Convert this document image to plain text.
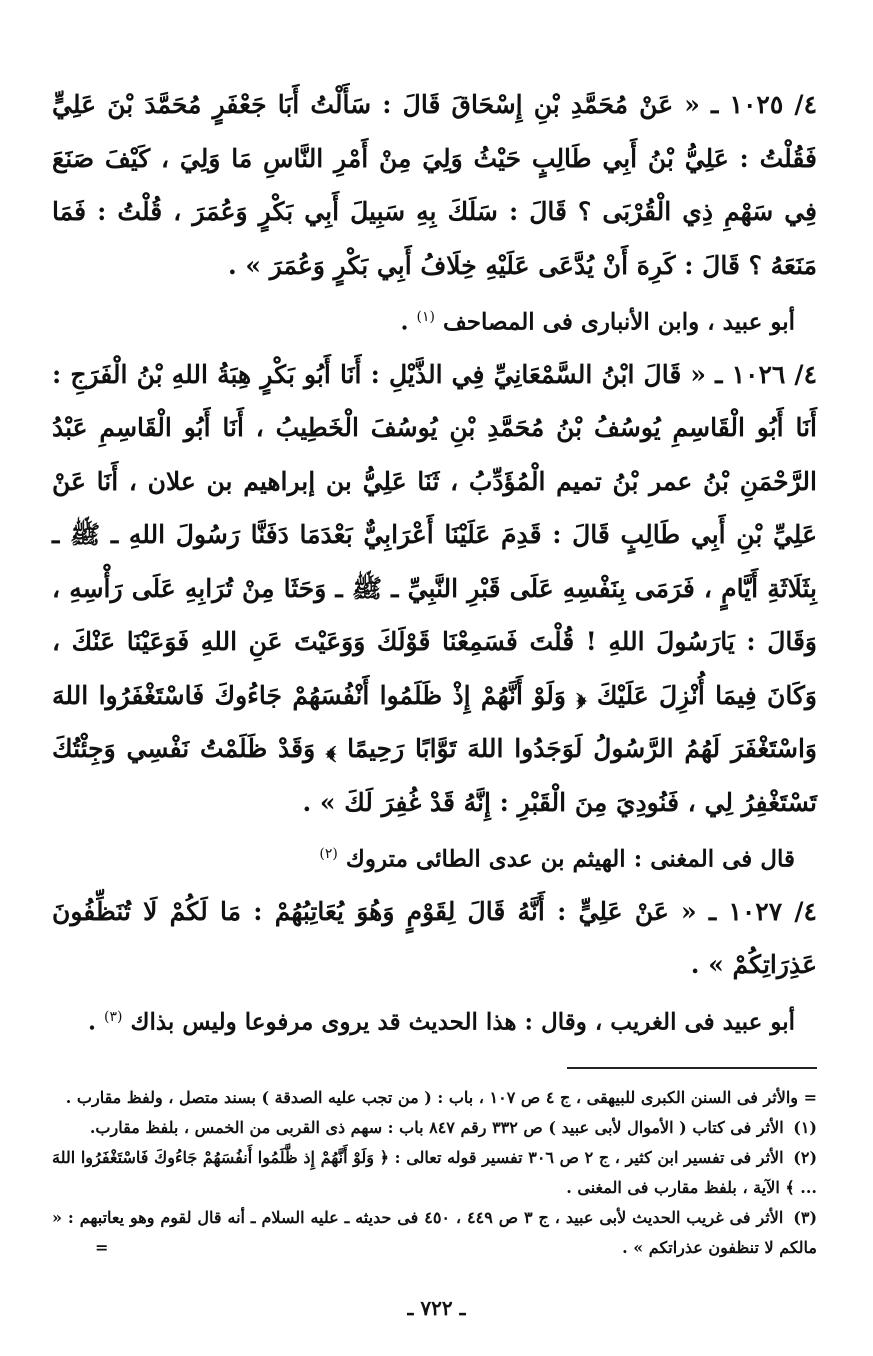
٤/ ١٠٢٥ ـ « عَنْ مُحَمَّدِ بْنِ إِسْحَاقَ قَالَ : سَأَلْتُ أَبَا جَعْفَرٍ مُحَمَّدَ بْنَ عَلِيٍّ فَقُلْتُ : عَلِيُّ بْنُ أَبِي طَالِبٍ حَيْثُ وَلِيَ مِنْ أَمْرِ النَّاسِ مَا وَلِيَ ، كَيْفَ صَنَعَ فِي سَهْمِ ذِي الْقُرْبَى ؟ قَالَ : سَلَكَ بِهِ سَبِيلَ أَبِي بَكْرٍ وَعُمَرَ ، قُلْتُ : فَمَا مَنَعَهُ ؟ قَالَ : كَرِهَ أَنْ يُدَّعَى عَلَيْهِ خِلَافُ أَبِي بَكْرٍ وَعُمَرَ » .

أبو عبيد ، وابن الأنبارى فى المصاحف $^{(١)}$ .

٤/ ١٠٢٦ ـ « قَالَ ابْنُ السَّمْعَانِيِّ فِي الذَّيْلِ : أَنَا أَبُو بَكْرٍ هِبَةُ اللهِ بْنُ الْفَرَجِ : أَنَا أَبُو الْقَاسِمِ يُوسُفُ بْنُ مُحَمَّدِ بْنِ يُوسُفَ الْخَطِيبُ ، أَنَا أَبُو الْقَاسِمِ عَبْدُ الرَّحْمَنِ بْنُ عمر بْنُ تميم الْمُؤَدِّبُ ، ثَنَا عَلِيُّ بن إبراهيم بن علان ، أَنَا عَنْ عَلِيِّ بْنِ أَبِي طَالِبٍ قَالَ : قَدِمَ عَلَيْنَا أَعْرَابِيٌّ بَعْدَمَا دَفَنَّا رَسُولَ اللهِ ـ ﷺ ـ بِثَلَاثَةِ أَيَّامٍ ، فَرَمَى بِنَفْسِهِ عَلَى قَبْرِ النَّبِيِّ ـ ﷺ ـ وَحَثَا مِنْ تُرَابِهِ عَلَى رَأْسِهِ ، وَقَالَ : يَارَسُولَ اللهِ ! قُلْتَ فَسَمِعْنَا قَوْلَكَ وَوَعَيْتَ عَنِ اللهِ فَوَعَيْنَا عَنْكَ ، وَكَانَ فِيمَا أُنْزِلَ عَلَيْكَ ﴿ وَلَوْ أَنَّهُمْ إِذْ ظَلَمُوا أَنْفُسَهُمْ جَاءُوكَ فَاسْتَغْفَرُوا اللهَ وَاسْتَغْفَرَ لَهُمُ الرَّسُولُ لَوَجَدُوا اللهَ تَوَّابًا رَحِيمًا ﴾ وَقَدْ ظَلَمْتُ نَفْسِي وَجِئْتُكَ تَسْتَغْفِرُ لِي ، فَنُودِيَ مِنَ الْقَبْرِ : إِنَّهُ قَدْ غُفِرَ لَكَ » .

قال فى المغنى : الهيثم بن عدى الطائى متروك $^{(٢)}$

٤/ ١٠٢٧ ـ « عَنْ عَلِيٍّ : أَنَّهُ قَالَ لِقَوْمٍ وَهُوَ يُعَاتِبُهُمْ : مَا لَكُمْ لَا تُنَظِّفُونَ عَذِرَاتِكُمْ » .

أبو عبيد فى الغريب ، وقال : هذا الحديث قد يروى مرفوعا وليس بذاك $^{(٣)}$ .

= والأثر فى السنن الكبرى للبيهقى ، ج ٤ ص ١٠٧ ، باب : ( من تجب عليه الصدقة ) بسند متصل ، ولفظ مقارب .

(١) الأثر فى كتاب ( الأموال لأبى عبيد ) ص ٣٣٢ رقم ٨٤٧ باب : سهم ذى القربى من الخمس ، بلفظ مقارب.

(٢) الأثر فى تفسير ابن كثير ، ج ٢ ص ٣٠٦ تفسير قوله تعالى : ﴿ وَلَوْ أَنَّهُمْ إِذ ظَّلَمُوا أَنفُسَهُمْ جَاءُوكَ فَاسْتَغْفَرُوا اللهَ ... ﴾ الآية ، بلفظ مقارب فى المغنى .

(٣) الأثر فى غريب الحديث لأبى عبيد ، ج ٣ ص ٤٤٩ ، ٤٥٠ فى حديثه ـ عليه السلام ـ أنه قال لقوم وهو يعاتبهم : « مالكم لا تنظفون عذراتكم » .
=

ـ ٧٢٢ ـ
